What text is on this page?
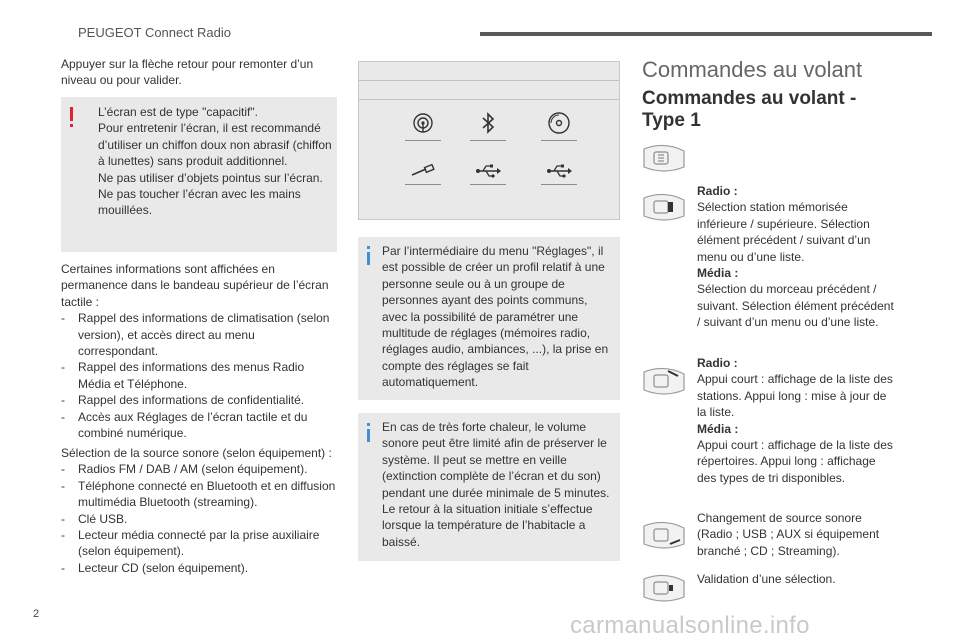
PEUGEOT Connect Radio
Appuyer sur la flèche retour pour remonter d’un niveau ou pour valider.
L’écran est de type "capacitif".
Pour entretenir l’écran, il est recommandé d’utiliser un chiffon doux non abrasif (chiffon à lunettes) sans produit additionnel.
Ne pas utiliser d’objets pointus sur l’écran.
Ne pas toucher l’écran avec les mains mouillées.
Certaines informations sont affichées en permanence dans le bandeau supérieur de l’écran tactile :
- Rappel des informations de climatisation (selon version), et accès direct au menu correspondant.
- Rappel des informations des menus Radio Média et Téléphone.
- Rappel des informations de confidentialité.
- Accès aux Réglages de l’écran tactile et du combiné numérique.
Sélection de la source sonore (selon équipement) :
- Radios FM / DAB / AM (selon équipement).
- Téléphone connecté en Bluetooth et en diffusion multimédia Bluetooth (streaming).
- Clé USB.
- Lecteur média connecté par la prise auxiliaire (selon équipement).
- Lecteur CD (selon équipement).
Par l’intermédiaire du menu "Réglages", il est possible de créer un profil relatif à une personne seule ou à un groupe de personnes ayant des points communs, avec la possibilité de paramétrer une multitude de réglages (mémoires radio, réglages audio, ambiances, ...), la prise en compte des réglages se fait automatiquement.
En cas de très forte chaleur, le volume sonore peut être limité afin de préserver le système. Il peut se mettre en veille (extinction complète de l’écran et du son) pendant une durée minimale de 5 minutes. Le retour à la situation initiale s’effectue lorsque la température de l’habitacle a baissé.
Commandes au volant
Commandes au volant - Type 1
Radio :
Sélection station mémorisée inférieure / supérieure. Sélection élément précédent / suivant d’un menu ou d’une liste.
Média :
Sélection du morceau précédent / suivant. Sélection élément précédent / suivant d’un menu ou d’une liste.
Radio :
Appui court : affichage de la liste des stations. Appui long : mise à jour de la liste.
Média :
Appui court : affichage de la liste des répertoires. Appui long : affichage des types de tri disponibles.
Changement de source sonore (Radio ; USB ; AUX si équipement branché ; CD ; Streaming).
Validation d’une sélection.
2	carmanualsonline.info
